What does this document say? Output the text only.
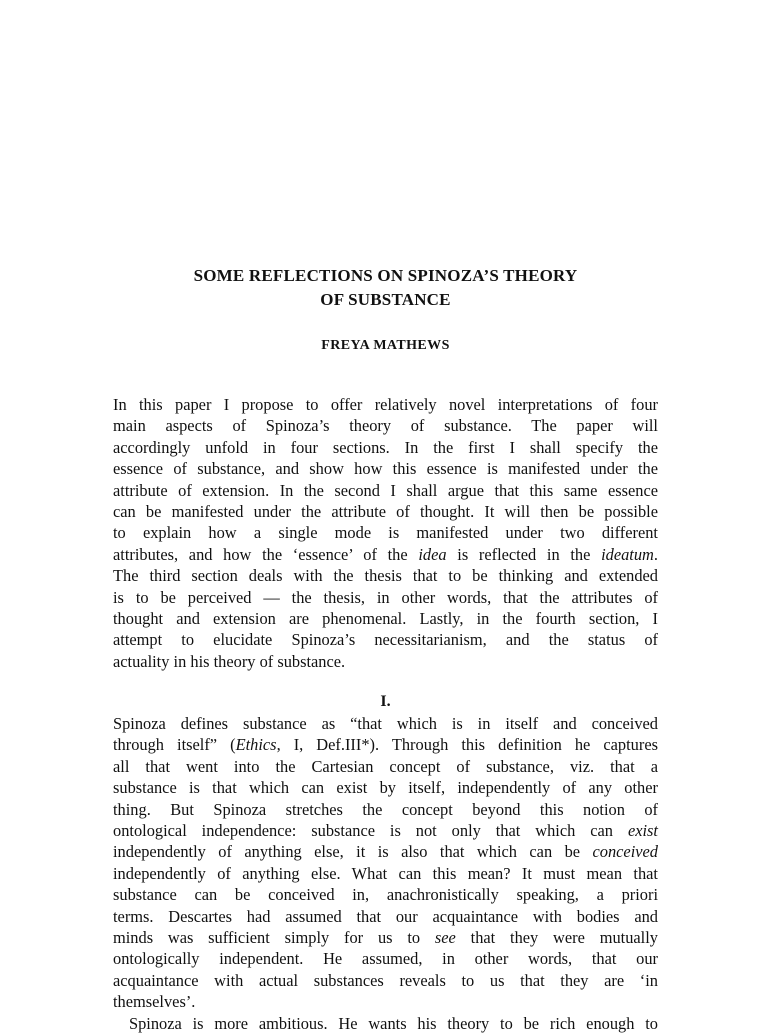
SOME REFLECTIONS ON SPINOZA’S THEORY
OF SUBSTANCE
FREYA MATHEWS
In this paper I propose to offer relatively novel interpretations of four
main aspects of Spinoza’s theory of substance. The paper will
accordingly unfold in four sections. In the first I shall specify the
essence of substance, and show how this essence is manifested under the
attribute of extension. In the second I shall argue that this same essence
can be manifested under the attribute of thought. It will then be possible
to explain how a single mode is manifested under two different
attributes, and how the ‘essence’ of the idea is reflected in the ideatum.
The third section deals with the thesis that to be thinking and extended
is to be perceived — the thesis, in other words, that the attributes of
thought and extension are phenomenal. Lastly, in the fourth section, I
attempt to elucidate Spinoza’s necessitarianism, and the status of
actuality in his theory of substance.
I.
Spinoza defines substance as “that which is in itself and conceived
through itself” (Ethics, I, Def.III*). Through this definition he captures
all that went into the Cartesian concept of substance, viz. that a
substance is that which can exist by itself, independently of any other
thing. But Spinoza stretches the concept beyond this notion of
ontological independence: substance is not only that which can exist
independently of anything else, it is also that which can be conceived
independently of anything else. What can this mean? It must mean that
substance can be conceived in, anachronistically speaking, a priori
terms. Descartes had assumed that our acquaintance with bodies and
minds was sufficient simply for us to see that they were mutually
ontologically independent. He assumed, in other words, that our
acquaintance with actual substances reveals to us that they are ‘in
themselves’.
Spinoza is more ambitious. He wants his theory to be rich enough to
